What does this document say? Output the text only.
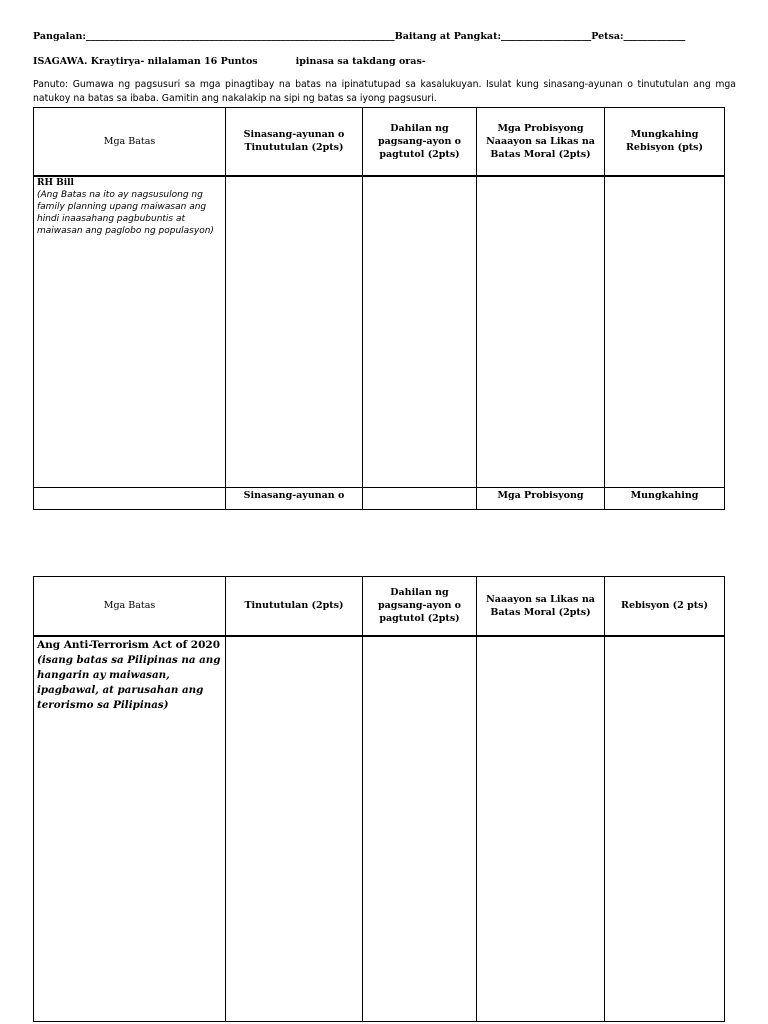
Pangalan:_________________________________________________________________Baitang at Pangkat:___________________Petsa:_____________
ISAGAWA. Kraytirya- nilalaman 16 Puntos	ipinasa sa takdang oras-
Panuto: Gumawa ng pagsusuri sa mga pinagtibay na batas na ipinatutupad sa kasalukuyan. Isulat kung sinasang-ayunan o tinututulan ang mga natukoy na batas sa ibaba. Gamitin ang nakalakip na sipi ng batas sa iyong pagsusuri.
Mga Batas	Sinasang-ayunan o Tinututulan (2pts)	Dahilan ng pagsang-ayon o pagtutol (2pts)	Mga Probisyong Naaayon sa Likas na Batas Moral (2pts)	Mungkahing Rebisyon (pts)

RH Bill
(Ang Batas na ito ay nagsusulong ng family planning upang maiwasan ang hindi inaasahang pagbubuntis at maiwasan ang paglobo ng populasyon)				

	Sinasang-ayunan o		Mga Probisyong	Mungkahing
Mga Batas	Tinututulan (2pts)	Dahilan ng pagsang-ayon o pagtutol (2pts)	Naaayon sa Likas na Batas Moral (2pts)	Rebisyon (2 pts)

Ang Anti-Terrorism Act of 2020
(isang batas sa Pilipinas na ang hangarin ay maiwasan, ipagbawal, at parusahan ang terorismo sa Pilipinas)				
